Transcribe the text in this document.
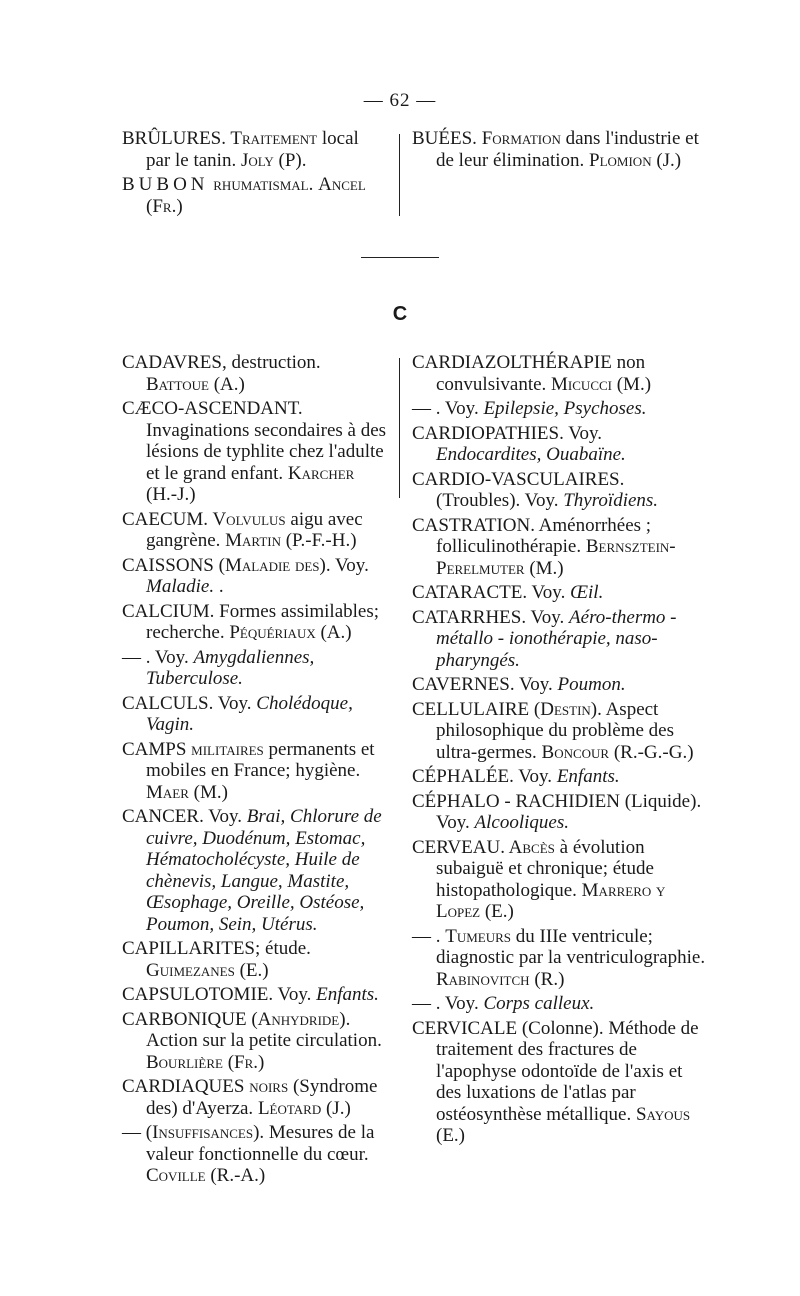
— 62 —
BRÛLURES. Traitement local par le tanin. Joly (P).
BUBON rhumatismal. Ancel (Fr.)
BUÉES. Formation dans l'industrie et de leur élimination. Plomion (J.)
C
CADAVRES, destruction. Battoue (A.)
CÆCO-ASCENDANT. Invaginations secondaires à des lésions de typhlite chez l'adulte et le grand enfant. Karcher (H.-J.)
CAECUM. Volvulus aigu avec gangrène. Martin (P.-F.-H.)
CAISSONS (Maladie des). Voy. Maladie. .
CALCIUM. Formes assimilables; recherche. Péquériaux (A.)
— . Voy. Amygdaliennes, Tuberculose.
CALCULS. Voy. Cholédoque, Vagin.
CAMPS militaires permanents et mobiles en France; hygiène. Maer (M.)
CANCER. Voy. Brai, Chlorure de cuivre, Duodénum, Estomac, Hématocholécyste, Huile de chènevis, Langue, Mastite, Œsophage, Oreille, Ostéose, Poumon, Sein, Utérus.
CAPILLARITES; étude. Guimezanes (E.)
CAPSULOTOMIE. Voy. Enfants.
CARBONIQUE (Anhydride). Action sur la petite circulation. Bourlière (Fr.)
CARDIAQUES noirs (Syndrome des) d'Ayerza. Léotard (J.)
— (Insuffisances). Mesures de la valeur fonctionnelle du cœur. Coville (R.-A.)
CARDIAZOLTHÉRAPIE non convulsivante. Micucci (M.)
— . Voy. Epilepsie, Psychoses.
CARDIOPATHIES. Voy. Endocardites, Ouabaïne.
CARDIO-VASCULAIRES. (Troubles). Voy. Thyroïdiens.
CASTRATION. Aménorrhées ; folliculinothérapie. Bernsztein-Perelmuter (M.)
CATARACTE. Voy. Œil.
CATARRHES. Voy. Aéro-thermo - métallo - ionothérapie, naso-pharyngés.
CAVERNES. Voy. Poumon.
CELLULAIRE (Destin). Aspect philosophique du problème des ultra-germes. Boncour (R.-G.-G.)
CÉPHALÉE. Voy. Enfants.
CÉPHALO - RACHIDIEN (Liquide). Voy. Alcooliques.
CERVEAU. Abcès à évolution subaiguë et chronique; étude histopathologique. Marrero y Lopez (E.)
— . Tumeurs du IIIe ventricule; diagnostic par la ventriculographie. Rabinovitch (R.)
— . Voy. Corps calleux.
CERVICALE (Colonne). Méthode de traitement des fractures de l'apophyse odontoïde de l'axis et des luxations de l'atlas par ostéosynthèse métallique. Sayous (E.)
